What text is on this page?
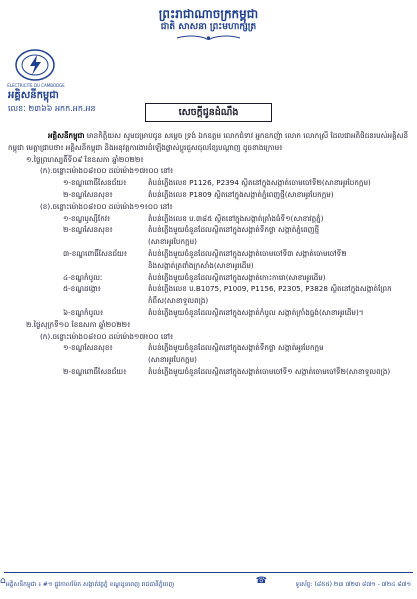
ព្រះរាជាណាចក្រកម្ពុជា
ជាតិ សាសនា ព្រះមហាក្សត្រ
ELECTRICITE DU CAMBODGE
អគ្គិសនីកម្ពុជា
លេខៈ ២៣៦៦ អកក.អក.អន	សេចក្ដីជូនដំណឹង

អគ្គិសនីកម្ពុជា មានកិត្តិយស សូមជម្រាបជូន សម្ដេច ទ្រង់ ឯកឧត្ដម លោកជំទាវ អ្នកឧកញ៉ា លោក លោកស្រី ដែលជាអតិថិជនរបស់អគ្គិសនីកម្ពុជា មេត្តាជ្រាបថា៖ អគ្គិសនីកម្ពុជា និងអនុវត្តការងារដំឡើងផ្លាស់ប្ដូរជួសជុលខ្សែបណ្ដាញ ដូចខាងក្រោម៖

១.ថ្ងៃព្រហស្បតិ៍ទី០៩ ខែឧសភា ឆ្នាំ២០២២៖

(ក).ចន្លោះម៉ោង០៨៖០០ ដល់ម៉ោង១៧៖០០ នៅ៖

១-ខណ្ឌពោធិ៍សែនជ័យ៖	តំបន់ភ្លើងលេខ P1126, P2394 ស្ថិតនៅក្នុងសង្កាត់ចោមចៅទី២(សាខាអូរបែកក្អម)
២-ខណ្ឌសែនសុខ៖	តំបន់ភ្លើងលេខ P1809 ស្ថិតនៅក្នុងសង្កាត់ភ្នំពេញថ្មី(សាខាអូរបែកក្អម)

(ខ).ចន្លោះម៉ោង០៨៖០០ ដល់ម៉ោង១១៖០០ នៅ៖

១-ខណ្ឌឫស្សីកែវ៖	តំបន់ភ្លើងលេខ ប.៣៨៥ ស្ថិតនៅក្នុងសង្កាត់គ្រាំងធំទី១(សាខាវត្តភ្នំ)
២-ខណ្ឌសែនសុខ៖	តំបន់ភ្លើងមួយចំនួនដែលស្ថិតនៅក្នុងសង្កាត់ទឹកថ្លា សង្កាត់ភ្នំពេញថ្មី
(សាខាអូរបែកក្អម)
៣-ខណ្ឌពោធិ៍សែនជ័យ៖	តំបន់ភ្លើងមួយចំនួនដែលស្ថិតនៅក្នុងសង្កាត់ចោមចៅទី៣ សង្កាត់ចោមចៅទី២
និងសង្កាត់ត្រពាំងក្រសាំង(សាខាអូរដើម)
៤-ខណ្ឌកំបូលៈ	តំបន់ភ្លើងមួយចំនួនដែលស្ថិតនៅក្នុងសង្កាត់កោះការោ(សាខាអូរដើម)
៥-ខណ្ឌដង្កោ៖	តំបន់ភ្លើងលេខ ប.B1075, P1009, P1156, P2305, P3828 ស្ថិតនៅក្នុងសង្កាត់ព្រែកកំពឹស(សាខាទួលពង្រ)
៦-ខណ្ឌកំបូល៖	តំបន់ភ្លើងមួយចំនួនដែលស្ថិតនៅក្នុងសង្កាត់កំបូល សង្កាត់ក្រាំងធ្នង់(សាខាអូរដើម)។

២.ថ្ងៃសុក្រទី១០ ខែឧសភា ឆ្នាំ២០២២៖

(ក).ចន្លោះម៉ោង០៨៖០០ ដល់ម៉ោង១៧៖០០ នៅ៖

១-ខណ្ឌសែនសុខ៖	តំបន់ភ្លើងមួយចំនួនដែលស្ថិតនៅក្នុងសង្កាត់ទឹកថ្លា សង្កាត់អូរបែកក្អម
(សាខាអូរបែកក្អម)
២-ខណ្ឌពោធិ៍សែនជ័យ៖	តំបន់ភ្លើងមួយចំនួនដែលស្ថិតនៅក្នុងសង្កាត់ចោមចៅទី១ សង្កាត់ចោមចៅទី២(សាខាទួលពង្រ)
⌂ អគ្គិសនីកម្ពុជា ៖ #១ ផ្លូវកាលម៉ែត សង្កាត់វត្តភ្នំ ខណ្ឌដូនពេញ រាជធានីភ្នំពេញ	☎	ទូរស័ព្ទ: (៨៥៥) ២៣ ៧២៣ ៨៧១ - ៧២៤ ៨៧១
